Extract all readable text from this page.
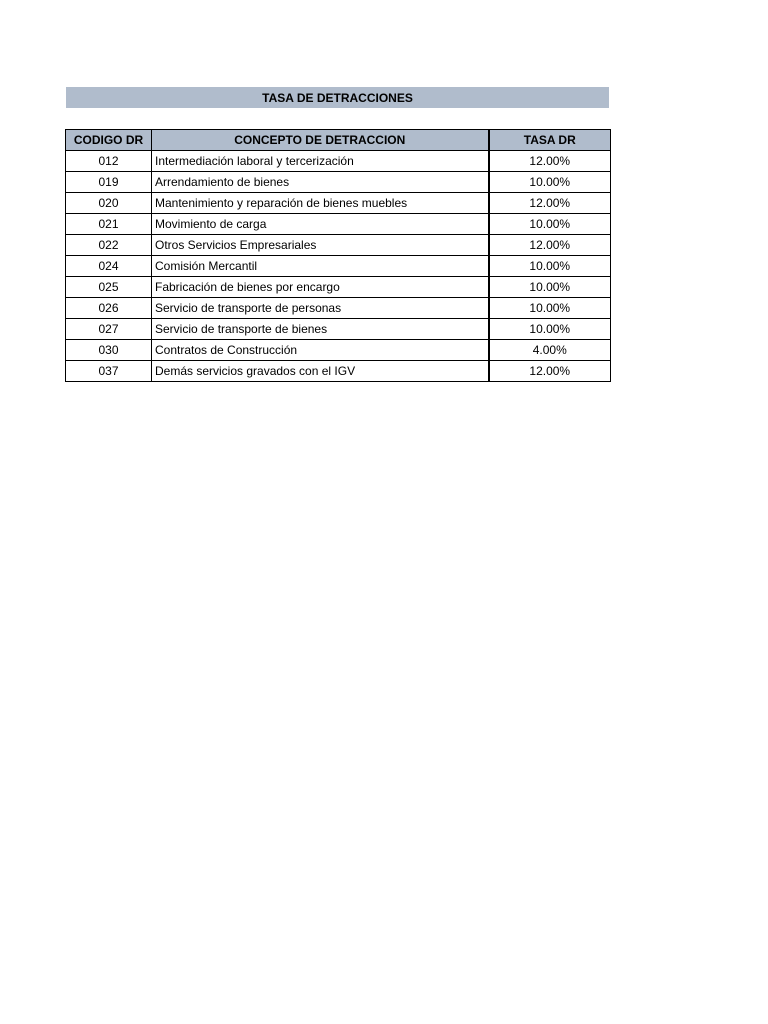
TASA DE DETRACCIONES
CODIGO DR	CONCEPTO DE DETRACCION	TASA DR
012	Intermediación laboral y tercerización	12.00%
019	Arrendamiento de bienes	10.00%
020	Mantenimiento y reparación de bienes muebles	12.00%
021	Movimiento de carga	10.00%
022	Otros Servicios Empresariales	12.00%
024	Comisión Mercantil	10.00%
025	Fabricación de bienes por encargo	10.00%
026	Servicio de transporte de personas	10.00%
027	Servicio de transporte de bienes	10.00%
030	Contratos de Construcción	4.00%
037	Demás servicios gravados con el IGV	12.00%
